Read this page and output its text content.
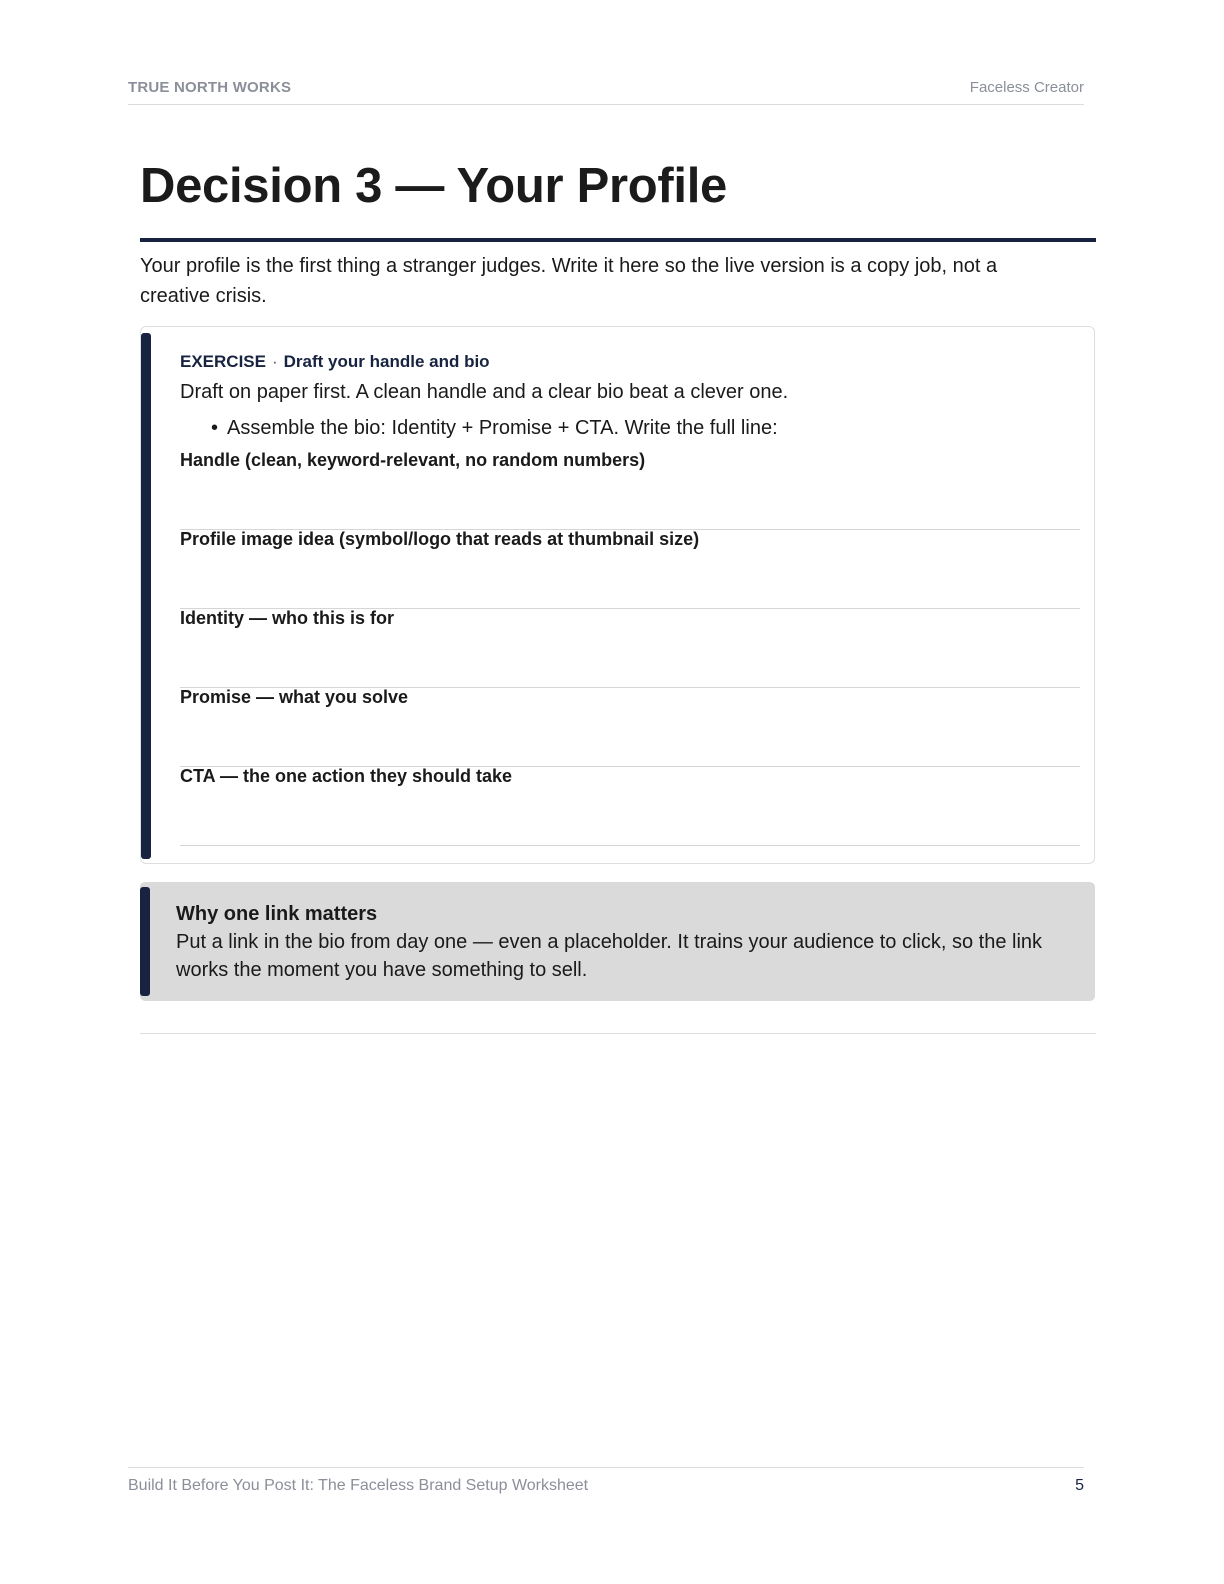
TRUE NORTH WORKS	Faceless Creator
Decision 3 — Your Profile

Your profile is the first thing a stranger judges. Write it here so the live version is a copy job, not a creative crisis.

EXERCISE · Draft your handle and bio
Draft on paper first. A clean handle and a clear bio beat a clever one.
• Assemble the bio: Identity + Promise + CTA. Write the full line:
Handle (clean, keyword-relevant, no random numbers)
Profile image idea (symbol/logo that reads at thumbnail size)
Identity — who this is for
Promise — what you solve
CTA — the one action they should take
Why one link matters

Put a link in the bio from day one — even a placeholder. It trains your audience to click, so the link works the moment you have something to sell.

Build It Before You Post It: The Faceless Brand Setup Worksheet	5
